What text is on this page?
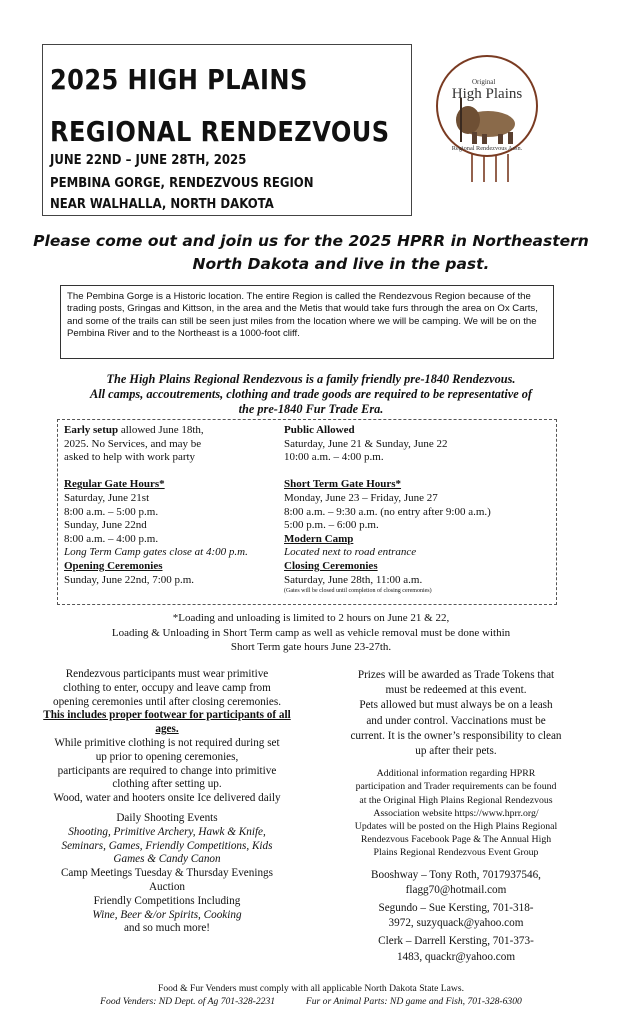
2025 HIGH PLAINS
REGIONAL RENDEZVOUS
JUNE 22ND – JUNE 28TH, 2025
PEMBINA GORGE, RENDEZVOUS REGION
NEAR WALHALLA, NORTH DAKOTA
Original
High Plains
Regional Rendezvous Assn.
Please come out and join us for the 2025 HPRR in Northeastern
North Dakota and live in the past.
The Pembina Gorge is a Historic location. The entire Region is called the Rendezvous Region because of the trading posts, Gringas and Kittson, in the area and the Metis that would take furs through the area on Ox Carts, and some of the trails can still be seen just miles from the location where we will be camping. We will be on the Pembina River and to the Northeast is a 1000-foot cliff.
The High Plains Regional Rendezvous is a family friendly pre-1840 Rendezvous.
All camps, accoutrements, clothing and trade goods are required to be representative of
the pre-1840 Fur Trade Era.
Early setup allowed June 18th,
2025. No Services, and may be
asked to help with work party

Regular Gate Hours*
Saturday, June 21st
8:00 a.m. – 5:00 p.m.
Sunday, June 22nd
8:00 a.m. – 4:00 p.m.
Long Term Camp gates close at 4:00 p.m.
Opening Ceremonies
Sunday, June 22nd, 7:00 p.m.
Public Allowed
Saturday, June 21 & Sunday, June 22
10:00 a.m. – 4:00 p.m.

Short Term Gate Hours*
Monday, June 23 – Friday, June 27
8:00 a.m. – 9:30 a.m. (no entry after 9:00 a.m.)
5:00 p.m. – 6:00 p.m.
Modern Camp
Located next to road entrance
Closing Ceremonies
Saturday, June 28th, 11:00 a.m.
(Gates will be closed until completion of closing ceremonies)
*Loading and unloading is limited to 2 hours on June 21 & 22,
Loading & Unloading in Short Term camp as well as vehicle removal must be done within
Short Term gate hours June 23-27th.
Rendezvous participants must wear primitive
clothing to enter, occupy and leave camp from
opening ceremonies until after closing ceremonies.
This includes proper footwear for participants of all ages.
While primitive clothing is not required during set
up prior to opening ceremonies,
participants are required to change into primitive
clothing after setting up.
Wood, water and hooters onsite Ice delivered daily
Daily Shooting Events
Shooting, Primitive Archery, Hawk & Knife,
Seminars, Games, Friendly Competitions, Kids
Games & Candy Canon
Camp Meetings Tuesday & Thursday Evenings
Auction
Friendly Competitions Including
Wine, Beer &/or Spirits, Cooking
and so much more!
Prizes will be awarded as Trade Tokens that
must be redeemed at this event.
Pets allowed but must always be on a leash
and under control. Vaccinations must be
current. It is the owner’s responsibility to clean
up after their pets.
Additional information regarding HPRR
participation and Trader requirements can be found
at the Original High Plains Regional Rendezvous
Association website https://www.hprr.org/
Updates will be posted on the High Plains Regional
Rendezvous Facebook Page & The Annual High
Plains Regional Rendezvous Event Group
Booshway – Tony Roth, 7017937546,
flagg70@hotmail.com
Segundo – Sue Kersting, 701-318-
3972, suzyquack@yahoo.com
Clerk – Darrell Kersting, 701-373-
1483, quackr@yahoo.com
Food & Fur Venders must comply with all applicable North Dakota State Laws.
Food Venders: ND Dept. of Ag 701-328-2231	Fur or Animal Parts: ND game and Fish, 701-328-6300
